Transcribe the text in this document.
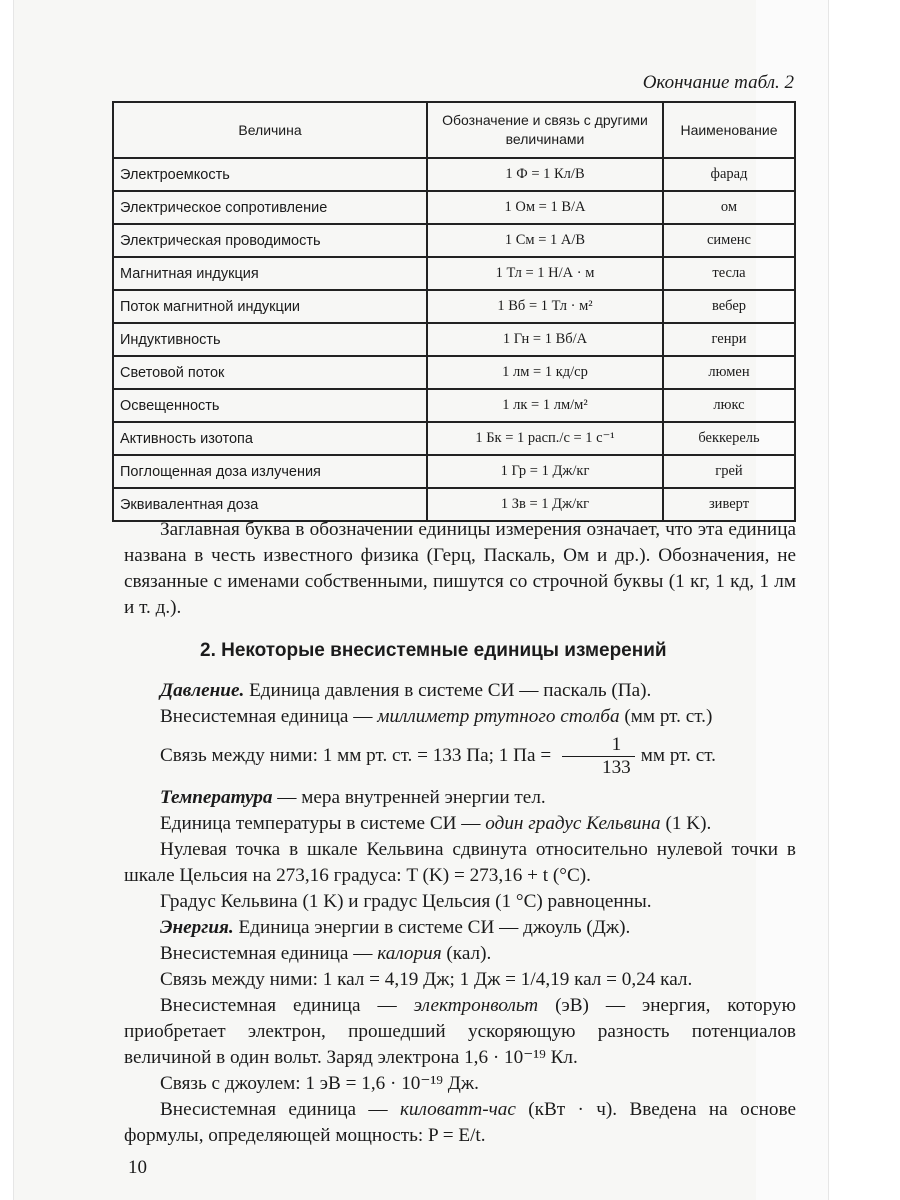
Окончание табл. 2
Величина	Обозначение и связь с другими величинами	Наименование
Электроемкость	1 Ф = 1 Кл/В	фарад
Электрическое сопротивление	1 Ом = 1 В/А	ом
Электрическая проводимость	1 См = 1 А/В	сименс
Магнитная индукция	1 Тл = 1 Н/А · м	тесла
Поток магнитной индукции	1 Вб = 1 Тл · м²	вебер
Индуктивность	1 Гн = 1 Вб/А	генри
Световой поток	1 лм = 1 кд/ср	люмен
Освещенность	1 лк = 1 лм/м²	люкс
Активность изотопа	1 Бк = 1 расп./с = 1 с⁻¹	беккерель
Поглощенная доза излучения	1 Гр = 1 Дж/кг	грей
Эквивалентная доза	1 Зв = 1 Дж/кг	зиверт
Заглавная буква в обозначении единицы измерения означает, что эта единица названа в честь известного физика (Герц, Паскаль, Ом и др.). Обозначения, не связанные с именами собственными, пишутся со строчной буквы (1 кг, 1 кд, 1 лм и т. д.).
2. Некоторые внесистемные единицы измерений
Давление. Единица давления в системе СИ — паскаль (Па).
Внесистемная единица — миллиметр ртутного столба (мм рт. ст.)
Связь между ними: 1 мм рт. ст. = 133 Па; 1 Па = $\frac{1}{133}$ мм рт. ст.
Температура — мера внутренней энергии тел.
Единица температуры в системе СИ — один градус Кельвина (1 K).
Нулевая точка в шкале Кельвина сдвинута относительно нулевой точки в шкале Цельсия на 273,16 градуса: T (K) = 273,16 + t (°C).
Градус Кельвина (1 K) и градус Цельсия (1 °C) равноценны.
Энергия. Единица энергии в системе СИ — джоуль (Дж).
Внесистемная единица — калория (кал).
Связь между ними: 1 кал = 4,19 Дж; 1 Дж = 1/4,19 кал = 0,24 кал.
Внесистемная единица — электронвольт (эВ) — энергия, которую приобретает электрон, прошедший ускоряющую разность потенциалов величиной в один вольт. Заряд электрона 1,6 · 10⁻¹⁹ Кл.
Связь с джоулем: 1 эВ = 1,6 · 10⁻¹⁹ Дж.
Внесистемная единица — киловатт-час (кВт · ч). Введена на основе формулы, определяющей мощность: P = E/t.
10
